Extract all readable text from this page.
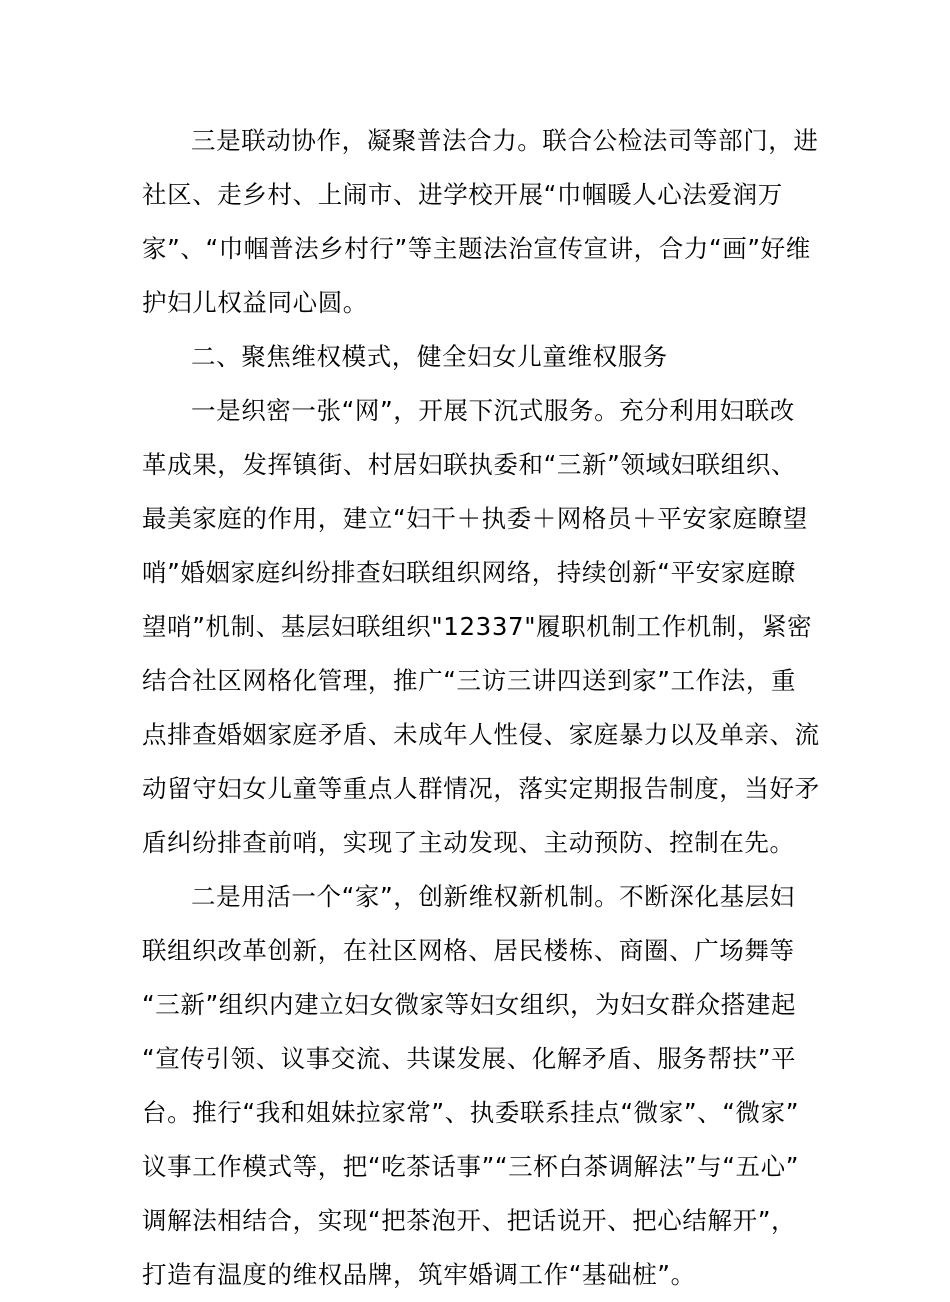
三是联动协作，凝聚普法合力。联合公检法司等部门，进
社区、走乡村、上闹市、进学校开展“巾帼暖人心法爱润万
家”、“巾帼普法乡村行”等主题法治宣传宣讲，合力“画”好维
护妇儿权益同心圆。
二、聚焦维权模式，健全妇女儿童维权服务
一是织密一张“网”，开展下沉式服务。充分利用妇联改
革成果，发挥镇街、村居妇联执委和“三新”领域妇联组织、
最美家庭的作用，建立“妇干＋执委＋网格员＋平安家庭瞭望
哨”婚姻家庭纠纷排查妇联组织网络，持续创新“平安家庭瞭
望哨”机制、基层妇联组织"12337"履职机制工作机制，紧密
结合社区网格化管理，推广“三访三讲四送到家”工作法，重
点排查婚姻家庭矛盾、未成年人性侵、家庭暴力以及单亲、流
动留守妇女儿童等重点人群情况，落实定期报告制度，当好矛
盾纠纷排查前哨，实现了主动发现、主动预防、控制在先。
二是用活一个“家”，创新维权新机制。不断深化基层妇
联组织改革创新，在社区网格、居民楼栋、商圈、广场舞等
“三新”组织内建立妇女微家等妇女组织，为妇女群众搭建起
“宣传引领、议事交流、共谋发展、化解矛盾、服务帮扶”平
台。推行“我和姐妹拉家常”、执委联系挂点“微家”、“微家”
议事工作模式等，把“吃茶话事”“三杯白茶调解法”与“五心”
调解法相结合，实现“把茶泡开、把话说开、把心结解开”，
打造有温度的维权品牌，筑牢婚调工作“基础桩”。
